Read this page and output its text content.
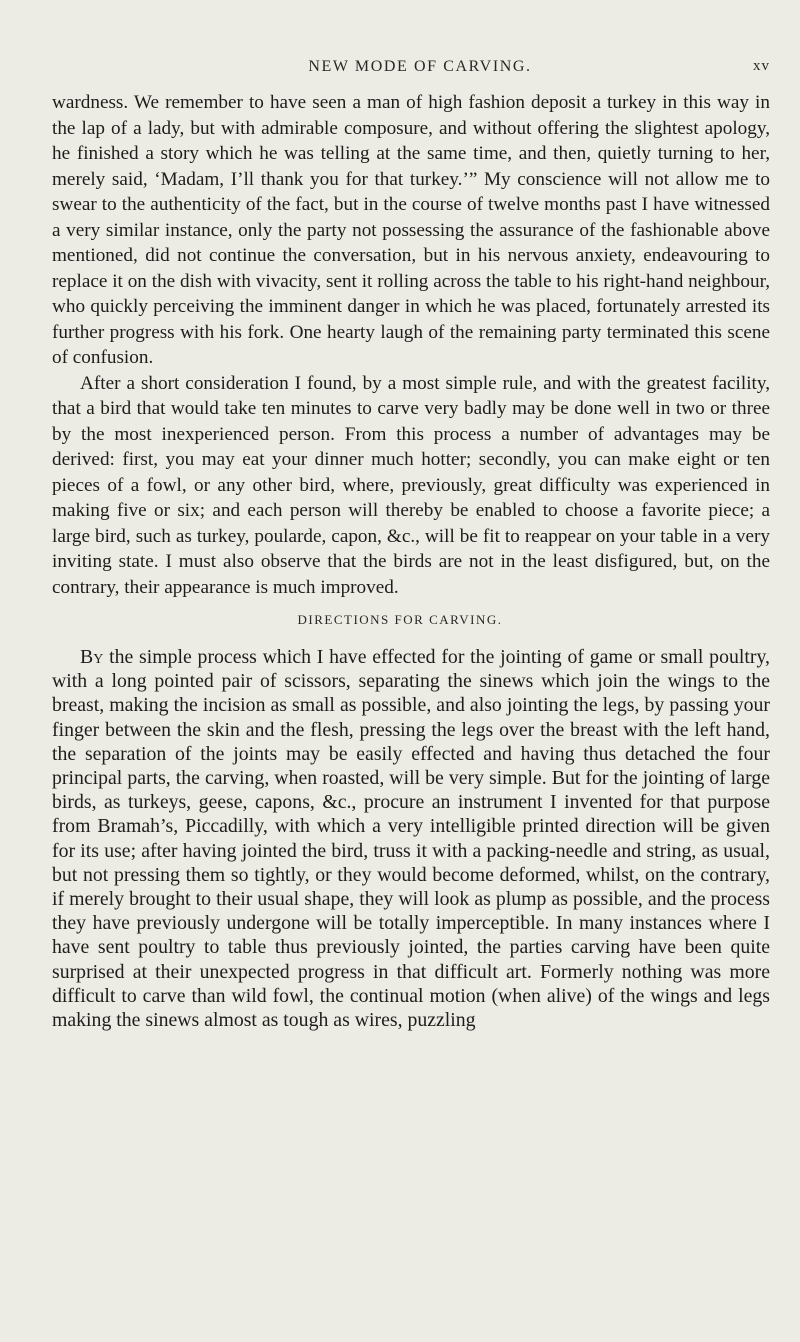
NEW MODE OF CARVING.	xv

wardness. We remember to have seen a man of high fashion deposit a turkey in this way in the lap of a lady, but with admirable composure, and without offering the slightest apology, he finished a story which he was telling at the same time, and then, quietly turning to her, merely said, ‘Madam, I’ll thank you for that turkey.’” My conscience will not allow me to swear to the authenticity of the fact, but in the course of twelve months past I have witnessed a very similar instance, only the party not possessing the assurance of the fashionable above mentioned, did not continue the conversation, but in his nervous anxiety, endeavouring to replace it on the dish with vivacity, sent it rolling across the table to his right-hand neighbour, who quickly perceiving the imminent danger in which he was placed, fortunately arrested its further progress with his fork. One hearty laugh of the remaining party terminated this scene of confusion.

After a short consideration I found, by a most simple rule, and with the greatest facility, that a bird that would take ten minutes to carve very badly may be done well in two or three by the most inexperienced person. From this process a number of advantages may be derived: first, you may eat your dinner much hotter; secondly, you can make eight or ten pieces of a fowl, or any other bird, where, previously, great difficulty was experienced in making five or six; and each person will thereby be enabled to choose a favorite piece; a large bird, such as turkey, poularde, capon, &c., will be fit to reappear on your table in a very inviting state. I must also observe that the birds are not in the least disfigured, but, on the contrary, their appearance is much improved.

DIRECTIONS FOR CARVING.

By the simple process which I have effected for the jointing of game or small poultry, with a long pointed pair of scissors, separating the sinews which join the wings to the breast, making the incision as small as possible, and also jointing the legs, by passing your finger between the skin and the flesh, pressing the legs over the breast with the left hand, the separation of the joints may be easily effected and having thus detached the four principal parts, the carving, when roasted, will be very simple. But for the jointing of large birds, as turkeys, geese, capons, &c., procure an instrument I invented for that purpose from Bramah’s, Piccadilly, with which a very intelligible printed direction will be given for its use; after having jointed the bird, truss it with a packing-needle and string, as usual, but not pressing them so tightly, or they would become deformed, whilst, on the contrary, if merely brought to their usual shape, they will look as plump as possible, and the process they have previously undergone will be totally imperceptible. In many instances where I have sent poultry to table thus previously jointed, the parties carving have been quite surprised at their unexpected progress in that difficult art. Formerly nothing was more difficult to carve than wild fowl, the continual motion (when alive) of the wings and legs making the sinews almost as tough as wires, puzzling
